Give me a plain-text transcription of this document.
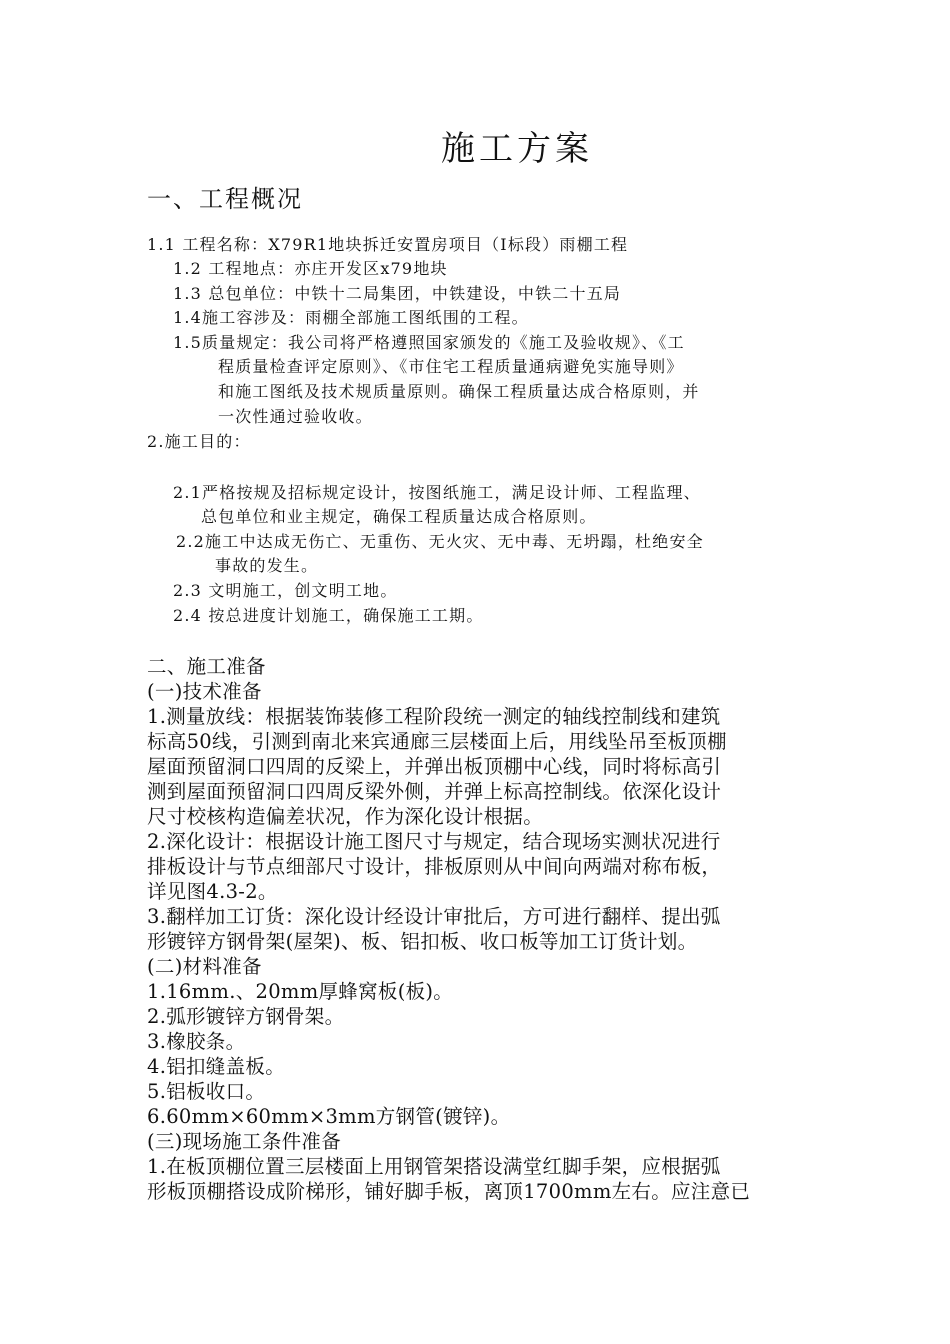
施工方案
一、工程概况
1.1 工程名称：X79R1地块拆迁安置房项目（I标段）雨棚工程
1.2 工程地点：亦庄开发区x79地块
1.3 总包单位：中铁十二局集团，中铁建设，中铁二十五局
1.4施工容涉及：雨棚全部施工图纸围的工程。
1.5质量规定：我公司将严格遵照国家颁发的《施工及验收规》、《工
程质量检查评定原则》、《市住宅工程质量通病避免实施导则》
和施工图纸及技术规质量原则。确保工程质量达成合格原则，并
一次性通过验收收。
2.施工目的：
2.1严格按规及招标规定设计，按图纸施工，满足设计师、工程监理、
总包单位和业主规定，确保工程质量达成合格原则。
2.2施工中达成无伤亡、无重伤、无火灾、无中毒、无坍蹋，杜绝安全
事故的发生。
2.3 文明施工，创文明工地。
2.4 按总进度计划施工，确保施工工期。
二、施工准备
(一)技术准备
1.测量放线：根据装饰装修工程阶段统一测定的轴线控制线和建筑
标高50线，引测到南北来宾通廊三层楼面上后，用线坠吊至板顶棚
屋面预留洞口四周的反梁上，并弹出板顶棚中心线，同时将标高引
测到屋面预留洞口四周反梁外侧，并弹上标高控制线。依深化设计
尺寸校核构造偏差状况，作为深化设计根据。
2.深化设计：根据设计施工图尺寸与规定，结合现场实测状况进行
排板设计与节点细部尺寸设计，排板原则从中间向两端对称布板，
详见图4.3-2。
3.翻样加工订货：深化设计经设计审批后，方可进行翻样、提出弧
形镀锌方钢骨架(屋架)、板、铝扣板、收口板等加工订货计划。
(二)材料准备
1.16mm.、20mm厚蜂窝板(板)。
2.弧形镀锌方钢骨架。
3.橡胶条。
4.铝扣缝盖板。
5.铝板收口。
6.60mm×60mm×3mm方钢管(镀锌)。
(三)现场施工条件准备
1.在板顶棚位置三层楼面上用钢管架搭设满堂红脚手架，应根据弧
形板顶棚搭设成阶梯形，铺好脚手板，离顶1700mm左右。应注意已
